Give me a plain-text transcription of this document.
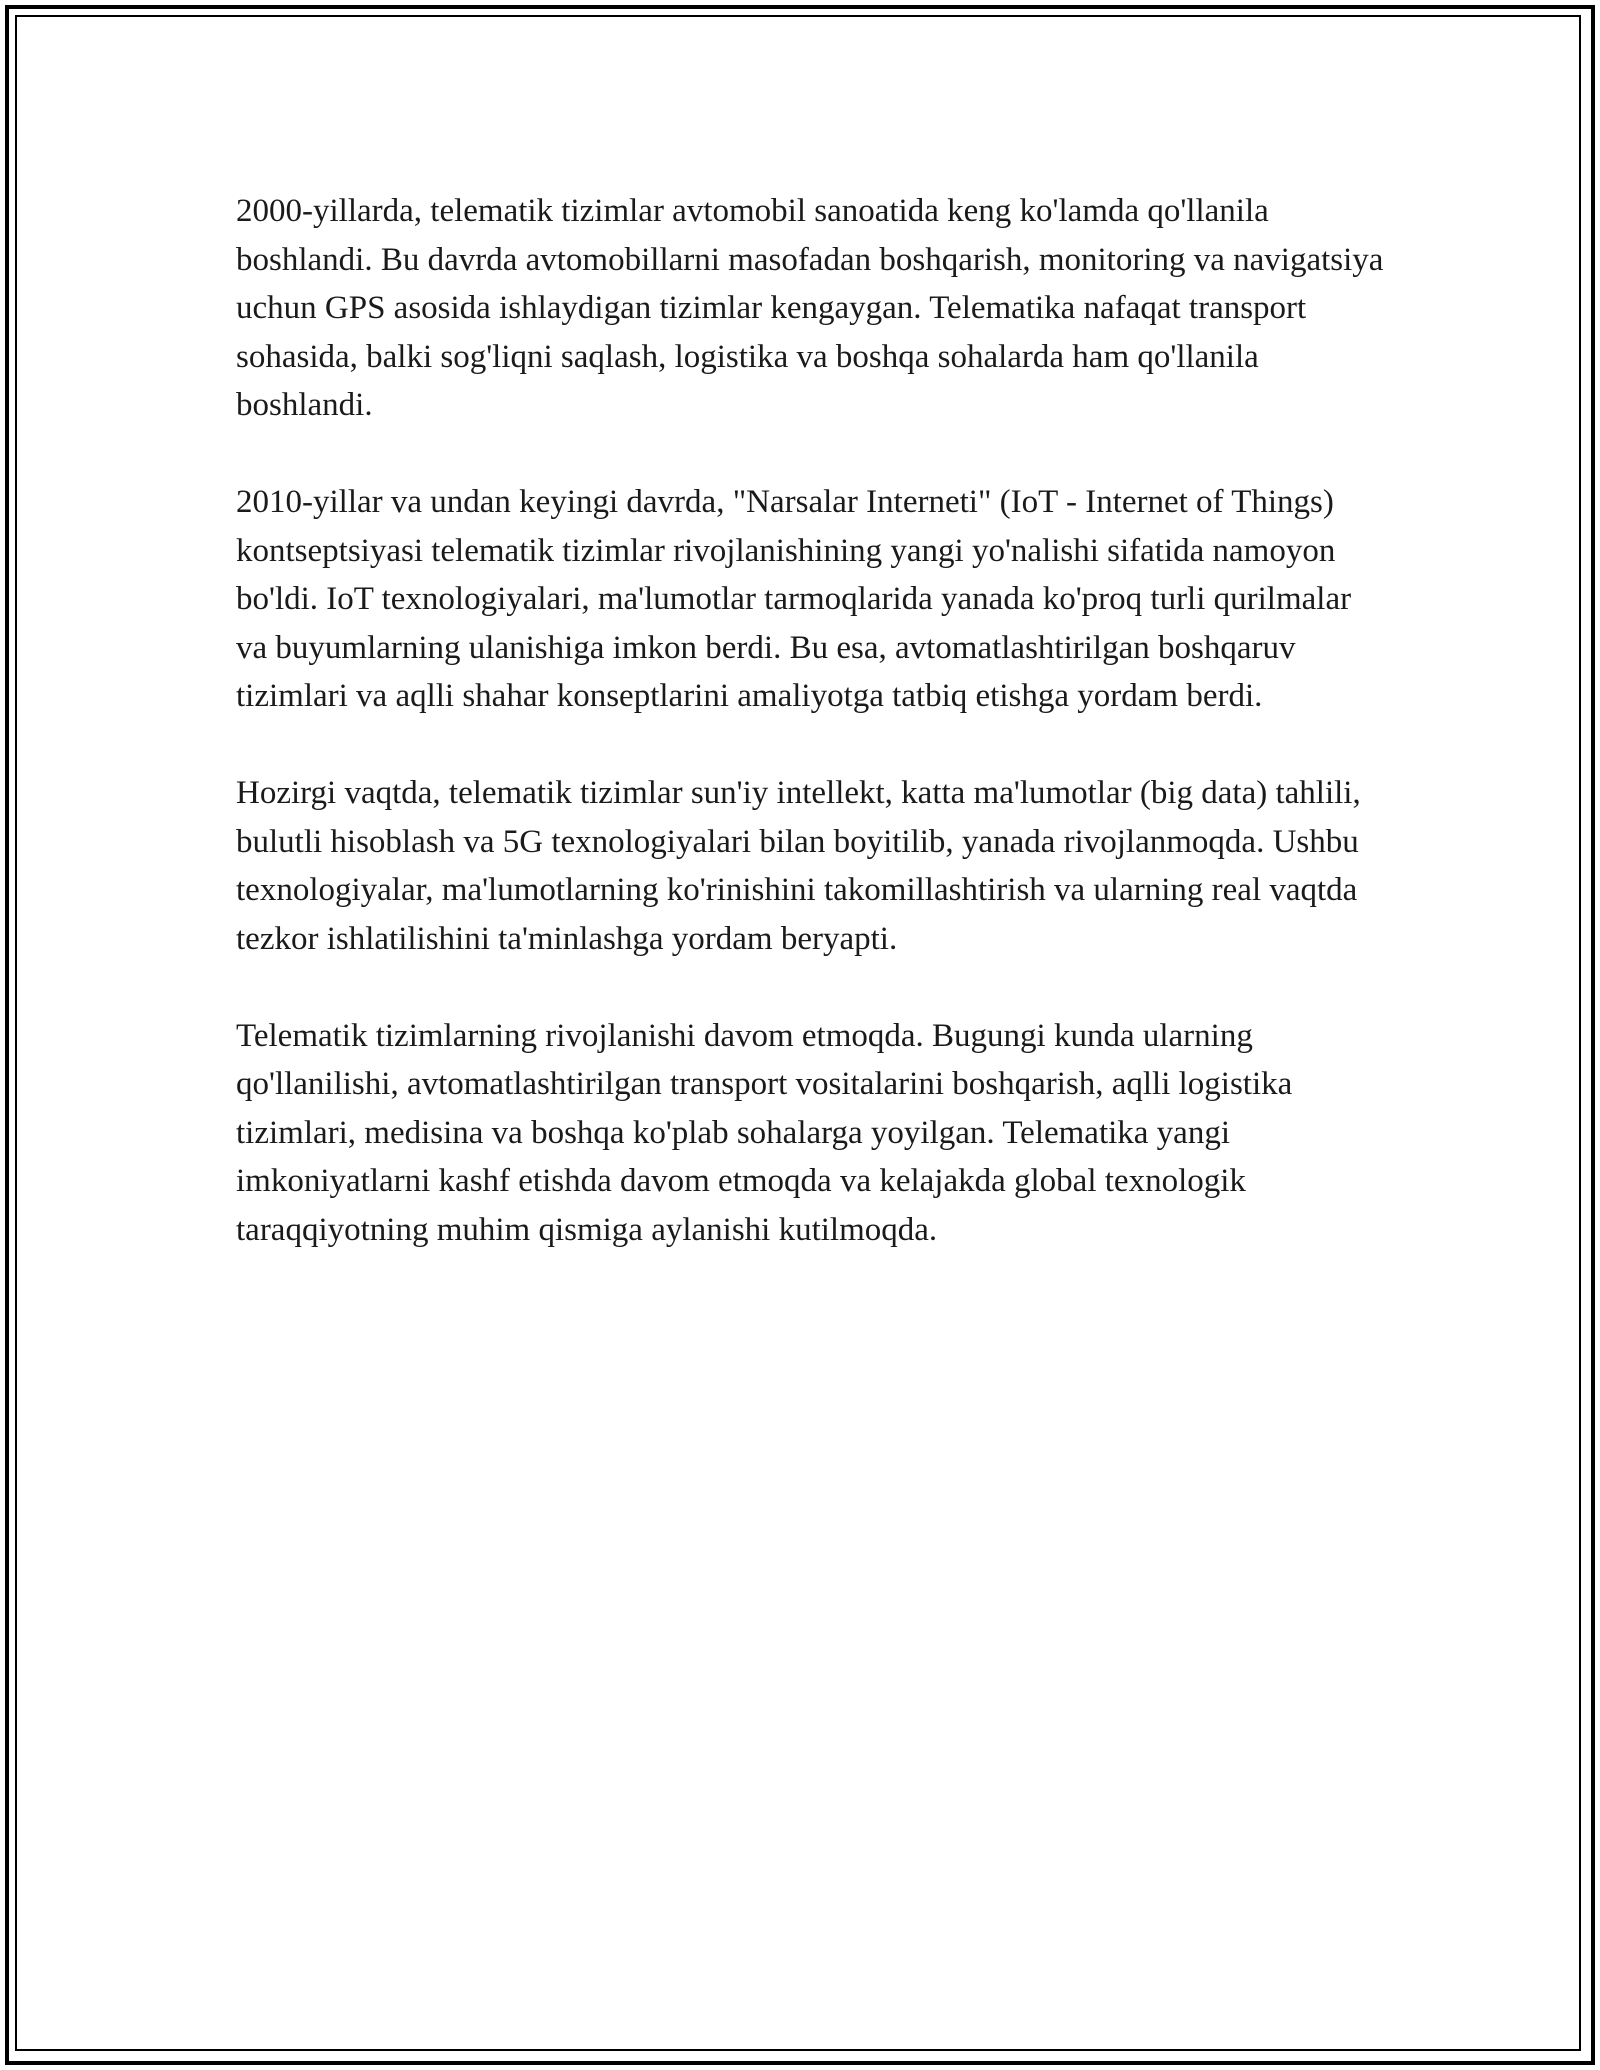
2000-yillarda, telematik tizimlar avtomobil sanoatida keng ko'lamda qo'llanila boshlandi. Bu davrda avtomobillarni masofadan boshqarish, monitoring va navigatsiya uchun GPS asosida ishlaydigan tizimlar kengaygan. Telematika nafaqat transport sohasida, balki sog'liqni saqlash, logistika va boshqa sohalarda ham qo'llanila boshlandi.

2010-yillar va undan keyingi davrda, "Narsalar Interneti" (IoT - Internet of Things) kontseptsiyasi telematik tizimlar rivojlanishining yangi yo'nalishi sifatida namoyon bo'ldi. IoT texnologiyalari, ma'lumotlar tarmoqlarida yanada ko'proq turli qurilmalar va buyumlarning ulanishiga imkon berdi. Bu esa, avtomatlashtirilgan boshqaruv tizimlari va aqlli shahar konseptlarini amaliyotga tatbiq etishga yordam berdi.

Hozirgi vaqtda, telematik tizimlar sun'iy intellekt, katta ma'lumotlar (big data) tahlili, bulutli hisoblash va 5G texnologiyalari bilan boyitilib, yanada rivojlanmoqda. Ushbu texnologiyalar, ma'lumotlarning ko'rinishini takomillashtirish va ularning real vaqtda tezkor ishlatilishini ta'minlashga yordam beryapti.

Telematik tizimlarning rivojlanishi davom etmoqda. Bugungi kunda ularning qo'llanilishi, avtomatlashtirilgan transport vositalarini boshqarish, aqlli logistika tizimlari, medisina va boshqa ko'plab sohalarga yoyilgan. Telematika yangi imkoniyatlarni kashf etishda davom etmoqda va kelajakda global texnologik taraqqiyotning muhim qismiga aylanishi kutilmoqda.
